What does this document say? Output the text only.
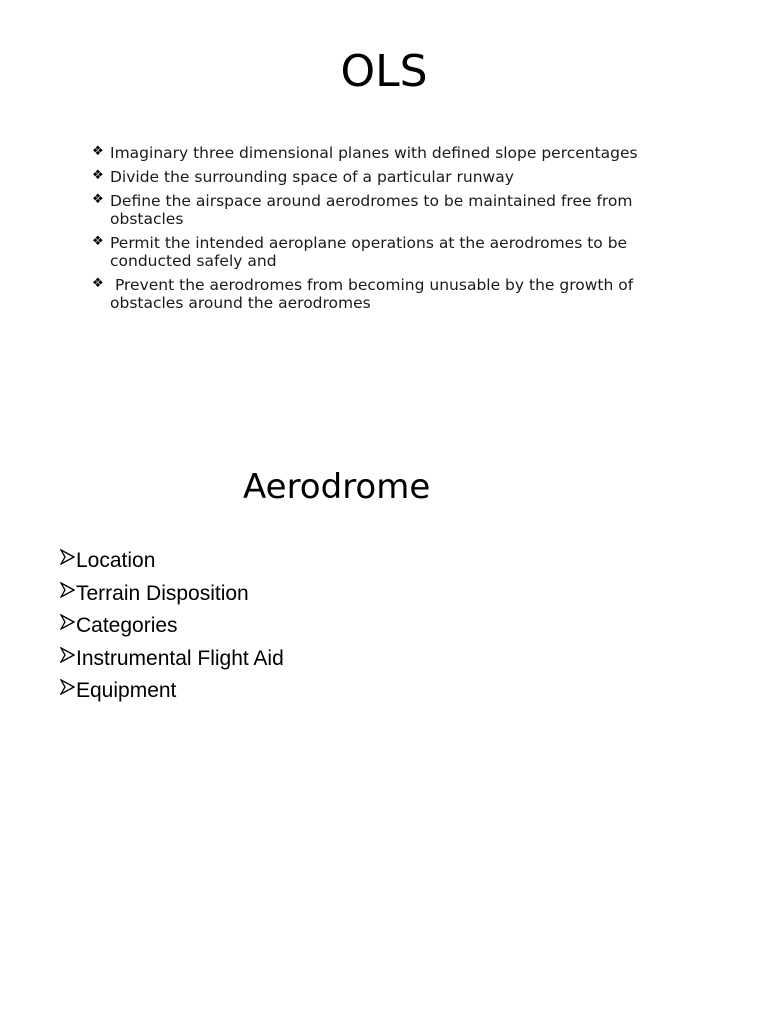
OLS
❖ Imaginary three dimensional planes with defined slope percentages
❖ Divide the surrounding space of a particular runway
❖ Define the airspace around aerodromes to be maintained free from obstacles
❖ Permit the intended aeroplane operations at the aerodromes to be conducted safely and
❖ Prevent the aerodromes from becoming unusable by the growth of obstacles around the aerodromes
Aerodrome
Location
Terrain Disposition
Categories
Instrumental Flight Aid
Equipment
